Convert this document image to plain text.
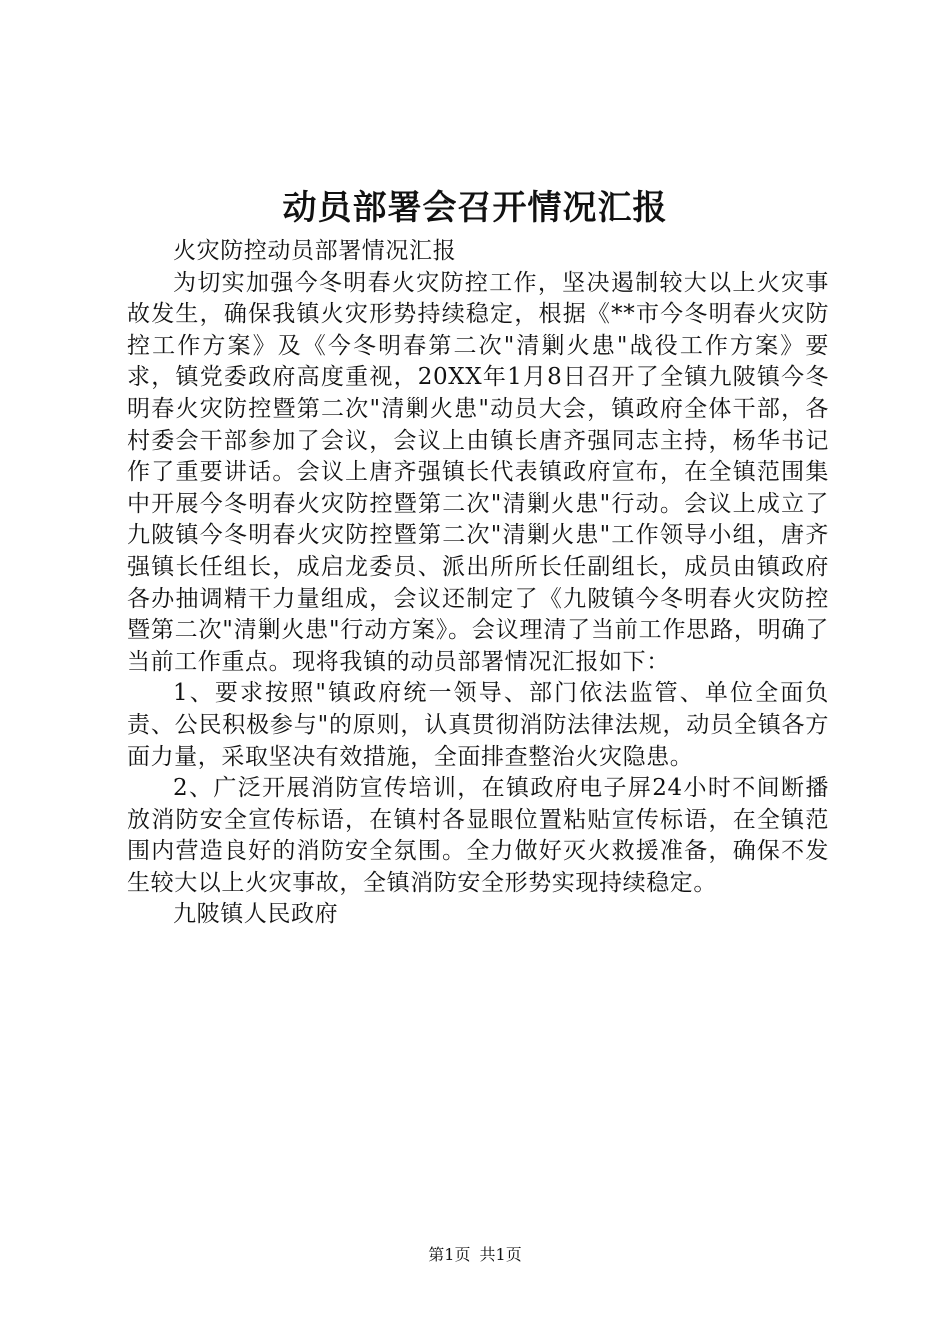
动员部署会召开情况汇报

火灾防控动员部署情况汇报

为切实加强今冬明春火灾防控工作，坚决遏制较大以上火灾事故发生，确保我镇火灾形势持续稳定，根据《**市今冬明春火灾防控工作方案》及《今冬明春第二次"清剿火患"战役工作方案》要求，镇党委政府高度重视，20XX年1月8日召开了全镇九陂镇今冬明春火灾防控暨第二次"清剿火患"动员大会，镇政府全体干部，各村委会干部参加了会议，会议上由镇长唐齐强同志主持，杨华书记作了重要讲话。会议上唐齐强镇长代表镇政府宣布，在全镇范围集中开展今冬明春火灾防控暨第二次"清剿火患"行动。会议上成立了九陂镇今冬明春火灾防控暨第二次"清剿火患"工作领导小组，唐齐强镇长任组长，成启龙委员、派出所所长任副组长，成员由镇政府各办抽调精干力量组成，会议还制定了《九陂镇今冬明春火灾防控暨第二次"清剿火患"行动方案》。会议理清了当前工作思路，明确了当前工作重点。现将我镇的动员部署情况汇报如下：

1、要求按照"镇政府统一领导、部门依法监管、单位全面负责、公民积极参与"的原则，认真贯彻消防法律法规，动员全镇各方面力量，采取坚决有效措施，全面排查整治火灾隐患。

2、广泛开展消防宣传培训，在镇政府电子屏24小时不间断播放消防安全宣传标语，在镇村各显眼位置粘贴宣传标语，在全镇范围内营造良好的消防安全氛围。全力做好灭火救援准备，确保不发生较大以上火灾事故，全镇消防安全形势实现持续稳定。

九陂镇人民政府

第1页 共1页
